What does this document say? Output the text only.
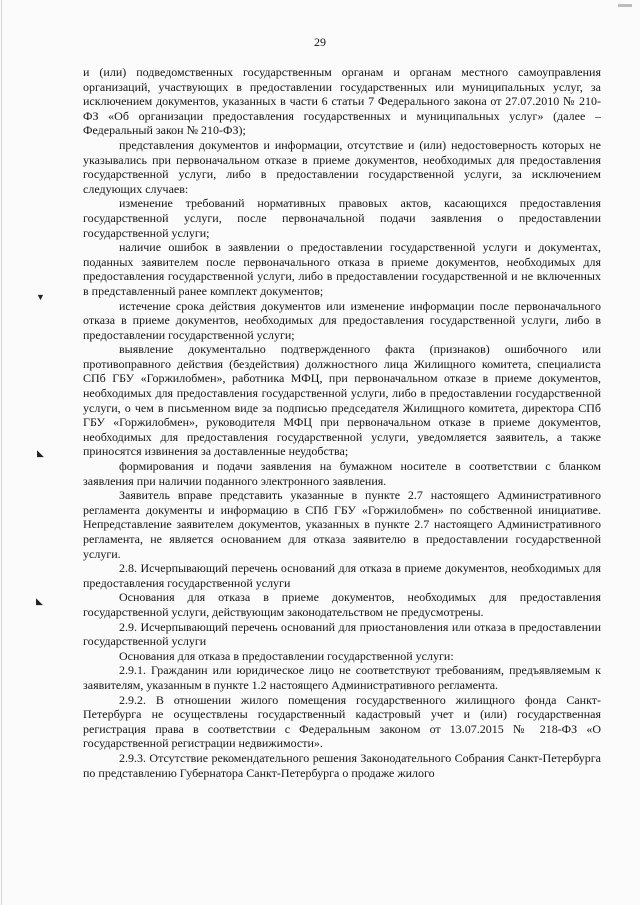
29
▼
◣
◣

и (или) подведомственных государственным органам и органам местного самоуправления организаций, участвующих в предоставлении государственных или муниципальных услуг, за исключением документов, указанных в части 6 статьи 7 Федерального закона от 27.07.2010 № 210-ФЗ «Об организации предоставления государственных и муниципальных услуг» (далее – Федеральный закон № 210-ФЗ);

представления документов и информации, отсутствие и (или) недостоверность которых не указывались при первоначальном отказе в приеме документов, необходимых для предоставления государственной услуги, либо в предоставлении государственной услуги, за исключением следующих случаев:

изменение требований нормативных правовых актов, касающихся предоставления государственной услуги, после первоначальной подачи заявления о предоставлении государственной услуги;

наличие ошибок в заявлении о предоставлении государственной услуги и документах, поданных заявителем после первоначального отказа в приеме документов, необходимых для предоставления государственной услуги, либо в предоставлении государственной и не включенных в представленный ранее комплект документов;

истечение срока действия документов или изменение информации после первоначального отказа в приеме документов, необходимых для предоставления государственной услуги, либо в предоставлении государственной услуги;

выявление документально подтвержденного факта (признаков) ошибочного или противоправного действия (бездействия) должностного лица Жилищного комитета, специалиста СПб ГБУ «Горжилобмен», работника МФЦ, при первоначальном отказе в приеме документов, необходимых для предоставления государственной услуги, либо в предоставлении государственной услуги, о чем в письменном виде за подписью председателя Жилищного комитета, директора СПб ГБУ «Горжилобмен», руководителя МФЦ при первоначальном отказе в приеме документов, необходимых для предоставления государственной услуги, уведомляется заявитель, а также приносятся извинения за доставленные неудобства;

формирования и подачи заявления на бумажном носителе в соответствии с бланком заявления при наличии поданного электронного заявления.

Заявитель вправе представить указанные в пункте 2.7 настоящего Административного регламента документы и информацию в СПб ГБУ «Горжилобмен» по собственной инициативе. Непредставление заявителем документов, указанных в пункте 2.7 настоящего Административного регламента, не является основанием для отказа заявителю в предоставлении государственной услуги.

2.8. Исчерпывающий перечень оснований для отказа в приеме документов, необходимых для предоставления государственной услуги

Основания для отказа в приеме документов, необходимых для предоставления государственной услуги, действующим законодательством не предусмотрены.

2.9. Исчерпывающий перечень оснований для приостановления или отказа в предоставлении государственной услуги

Основания для отказа в предоставлении государственной услуги:

2.9.1. Гражданин или юридическое лицо не соответствуют требованиям, предъявляемым к заявителям, указанным в пункте 1.2 настоящего Административного регламента.

2.9.2. В отношении жилого помещения государственного жилищного фонда Санкт-Петербурга не осуществлены государственный кадастровый учет и (или) государственная регистрация права в соответствии с Федеральным законом от 13.07.2015 № 218-ФЗ «О государственной регистрации недвижимости».

2.9.3. Отсутствие рекомендательного решения Законодательного Собрания Санкт-Петербурга по представлению Губернатора Санкт-Петербурга о продаже жилого
